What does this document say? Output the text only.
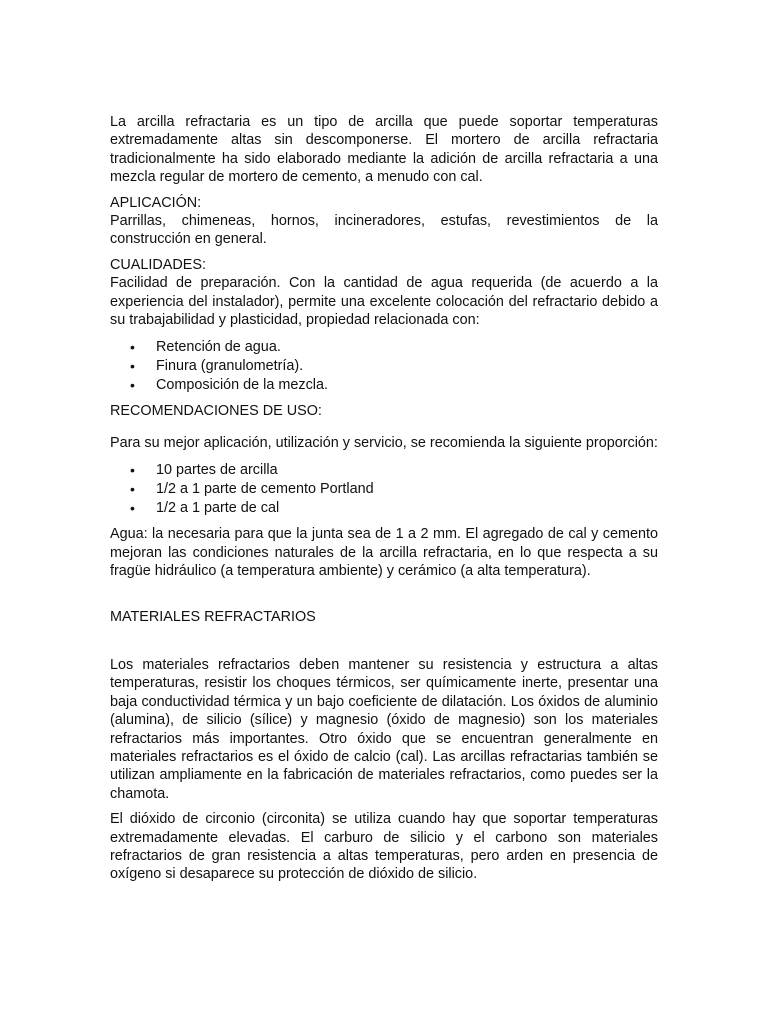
La arcilla refractaria es un tipo de arcilla que puede soportar temperaturas extremadamente altas sin descomponerse. El mortero de arcilla refractaria tradicionalmente ha sido elaborado mediante la adición de arcilla refractaria a una mezcla regular de mortero de cemento, a menudo con cal.

APLICACIÓN:

Parrillas, chimeneas, hornos, incineradores, estufas, revestimientos de la construcción en general.

CUALIDADES:

Facilidad de preparación. Con la cantidad de agua requerida (de acuerdo a la experiencia del instalador), permite una excelente colocación del refractario debido a su trabajabilidad y plasticidad, propiedad relacionada con:

• Retención de agua.
• Finura (granulometría).
• Composición de la mezcla.

RECOMENDACIONES DE USO:

Para su mejor aplicación, utilización y servicio, se recomienda la siguiente proporción:

• 10 partes de arcilla
• 1/2 a 1 parte de cemento Portland
• 1/2 a 1 parte de cal

Agua: la necesaria para que la junta sea de 1 a 2 mm. El agregado de cal y cemento mejoran las condiciones naturales de la arcilla refractaria, en lo que respecta a su fragüe hidráulico (a temperatura ambiente) y cerámico (a alta temperatura).

MATERIALES REFRACTARIOS

Los materiales refractarios deben mantener su resistencia y estructura a altas temperaturas, resistir los choques térmicos, ser químicamente inerte, presentar una baja conductividad térmica y un bajo coeficiente de dilatación. Los óxidos de aluminio (alumina), de silicio (sílice) y magnesio (óxido de magnesio) son los materiales refractarios más importantes. Otro óxido que se encuentran generalmente en materiales refractarios es el óxido de calcio (cal). Las arcillas refractarias también se utilizan ampliamente en la fabricación de materiales refractarios, como puedes ser la chamota.

El dióxido de circonio (circonita) se utiliza cuando hay que soportar temperaturas extremadamente elevadas. El carburo de silicio y el carbono son materiales refractarios de gran resistencia a altas temperaturas, pero arden en presencia de oxígeno si desaparece su protección de dióxido de silicio.
